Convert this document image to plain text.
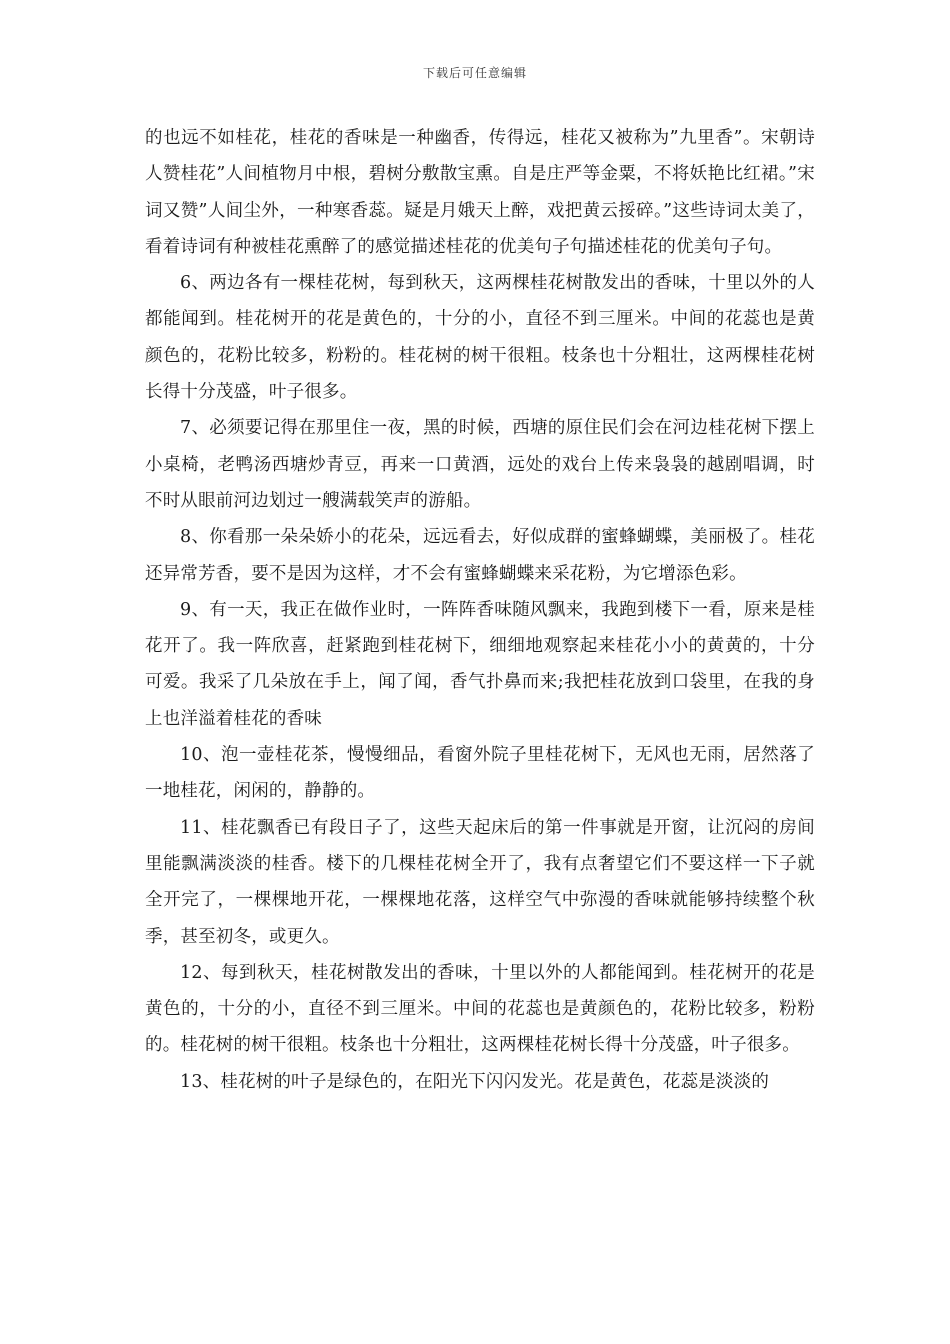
下载后可任意编辑

的也远不如桂花，桂花的香味是一种幽香，传得远，桂花又被称为”九里香”。宋朝诗人赞桂花”人间植物月中根，碧树分敷散宝熏。自是庄严等金粟，不将妖艳比红裙。”宋词又赞”人间尘外，一种寒香蕊。疑是月娥天上醉，戏把黄云挼碎。”这些诗词太美了，看着诗词有种被桂花熏醉了的感觉描述桂花的优美句子句描述桂花的优美句子句。

6、两边各有一棵桂花树，每到秋天，这两棵桂花树散发出的香味，十里以外的人都能闻到。桂花树开的花是黄色的，十分的小，直径不到三厘米。中间的花蕊也是黄颜色的，花粉比较多，粉粉的。桂花树的树干很粗。枝条也十分粗壮，这两棵桂花树长得十分茂盛，叶子很多。

7、必须要记得在那里住一夜，黑的时候，西塘的原住民们会在河边桂花树下摆上小桌椅，老鸭汤西塘炒青豆，再来一口黄酒，远处的戏台上传来袅袅的越剧唱调，时不时从眼前河边划过一艘满载笑声的游船。

8、你看那一朵朵娇小的花朵，远远看去，好似成群的蜜蜂蝴蝶，美丽极了。桂花还异常芳香，要不是因为这样，才不会有蜜蜂蝴蝶来采花粉，为它增添色彩。

9、有一天，我正在做作业时，一阵阵香味随风飘来，我跑到楼下一看，原来是桂花开了。我一阵欣喜，赶紧跑到桂花树下，细细地观察起来桂花小小的黄黄的，十分可爱。我采了几朵放在手上，闻了闻，香气扑鼻而来;我把桂花放到口袋里，在我的身上也洋溢着桂花的香味

10、泡一壶桂花茶，慢慢细品，看窗外院子里桂花树下，无风也无雨，居然落了一地桂花，闲闲的，静静的。

11、桂花飘香已有段日子了，这些天起床后的第一件事就是开窗，让沉闷的房间里能飘满淡淡的桂香。楼下的几棵桂花树全开了，我有点奢望它们不要这样一下子就全开完了，一棵棵地开花，一棵棵地花落，这样空气中弥漫的香味就能够持续整个秋季，甚至初冬，或更久。

12、每到秋天，桂花树散发出的香味，十里以外的人都能闻到。桂花树开的花是黄色的，十分的小，直径不到三厘米。中间的花蕊也是黄颜色的，花粉比较多，粉粉的。桂花树的树干很粗。枝条也十分粗壮，这两棵桂花树长得十分茂盛，叶子很多。

13、桂花树的叶子是绿色的，在阳光下闪闪发光。花是黄色，花蕊是淡淡的
